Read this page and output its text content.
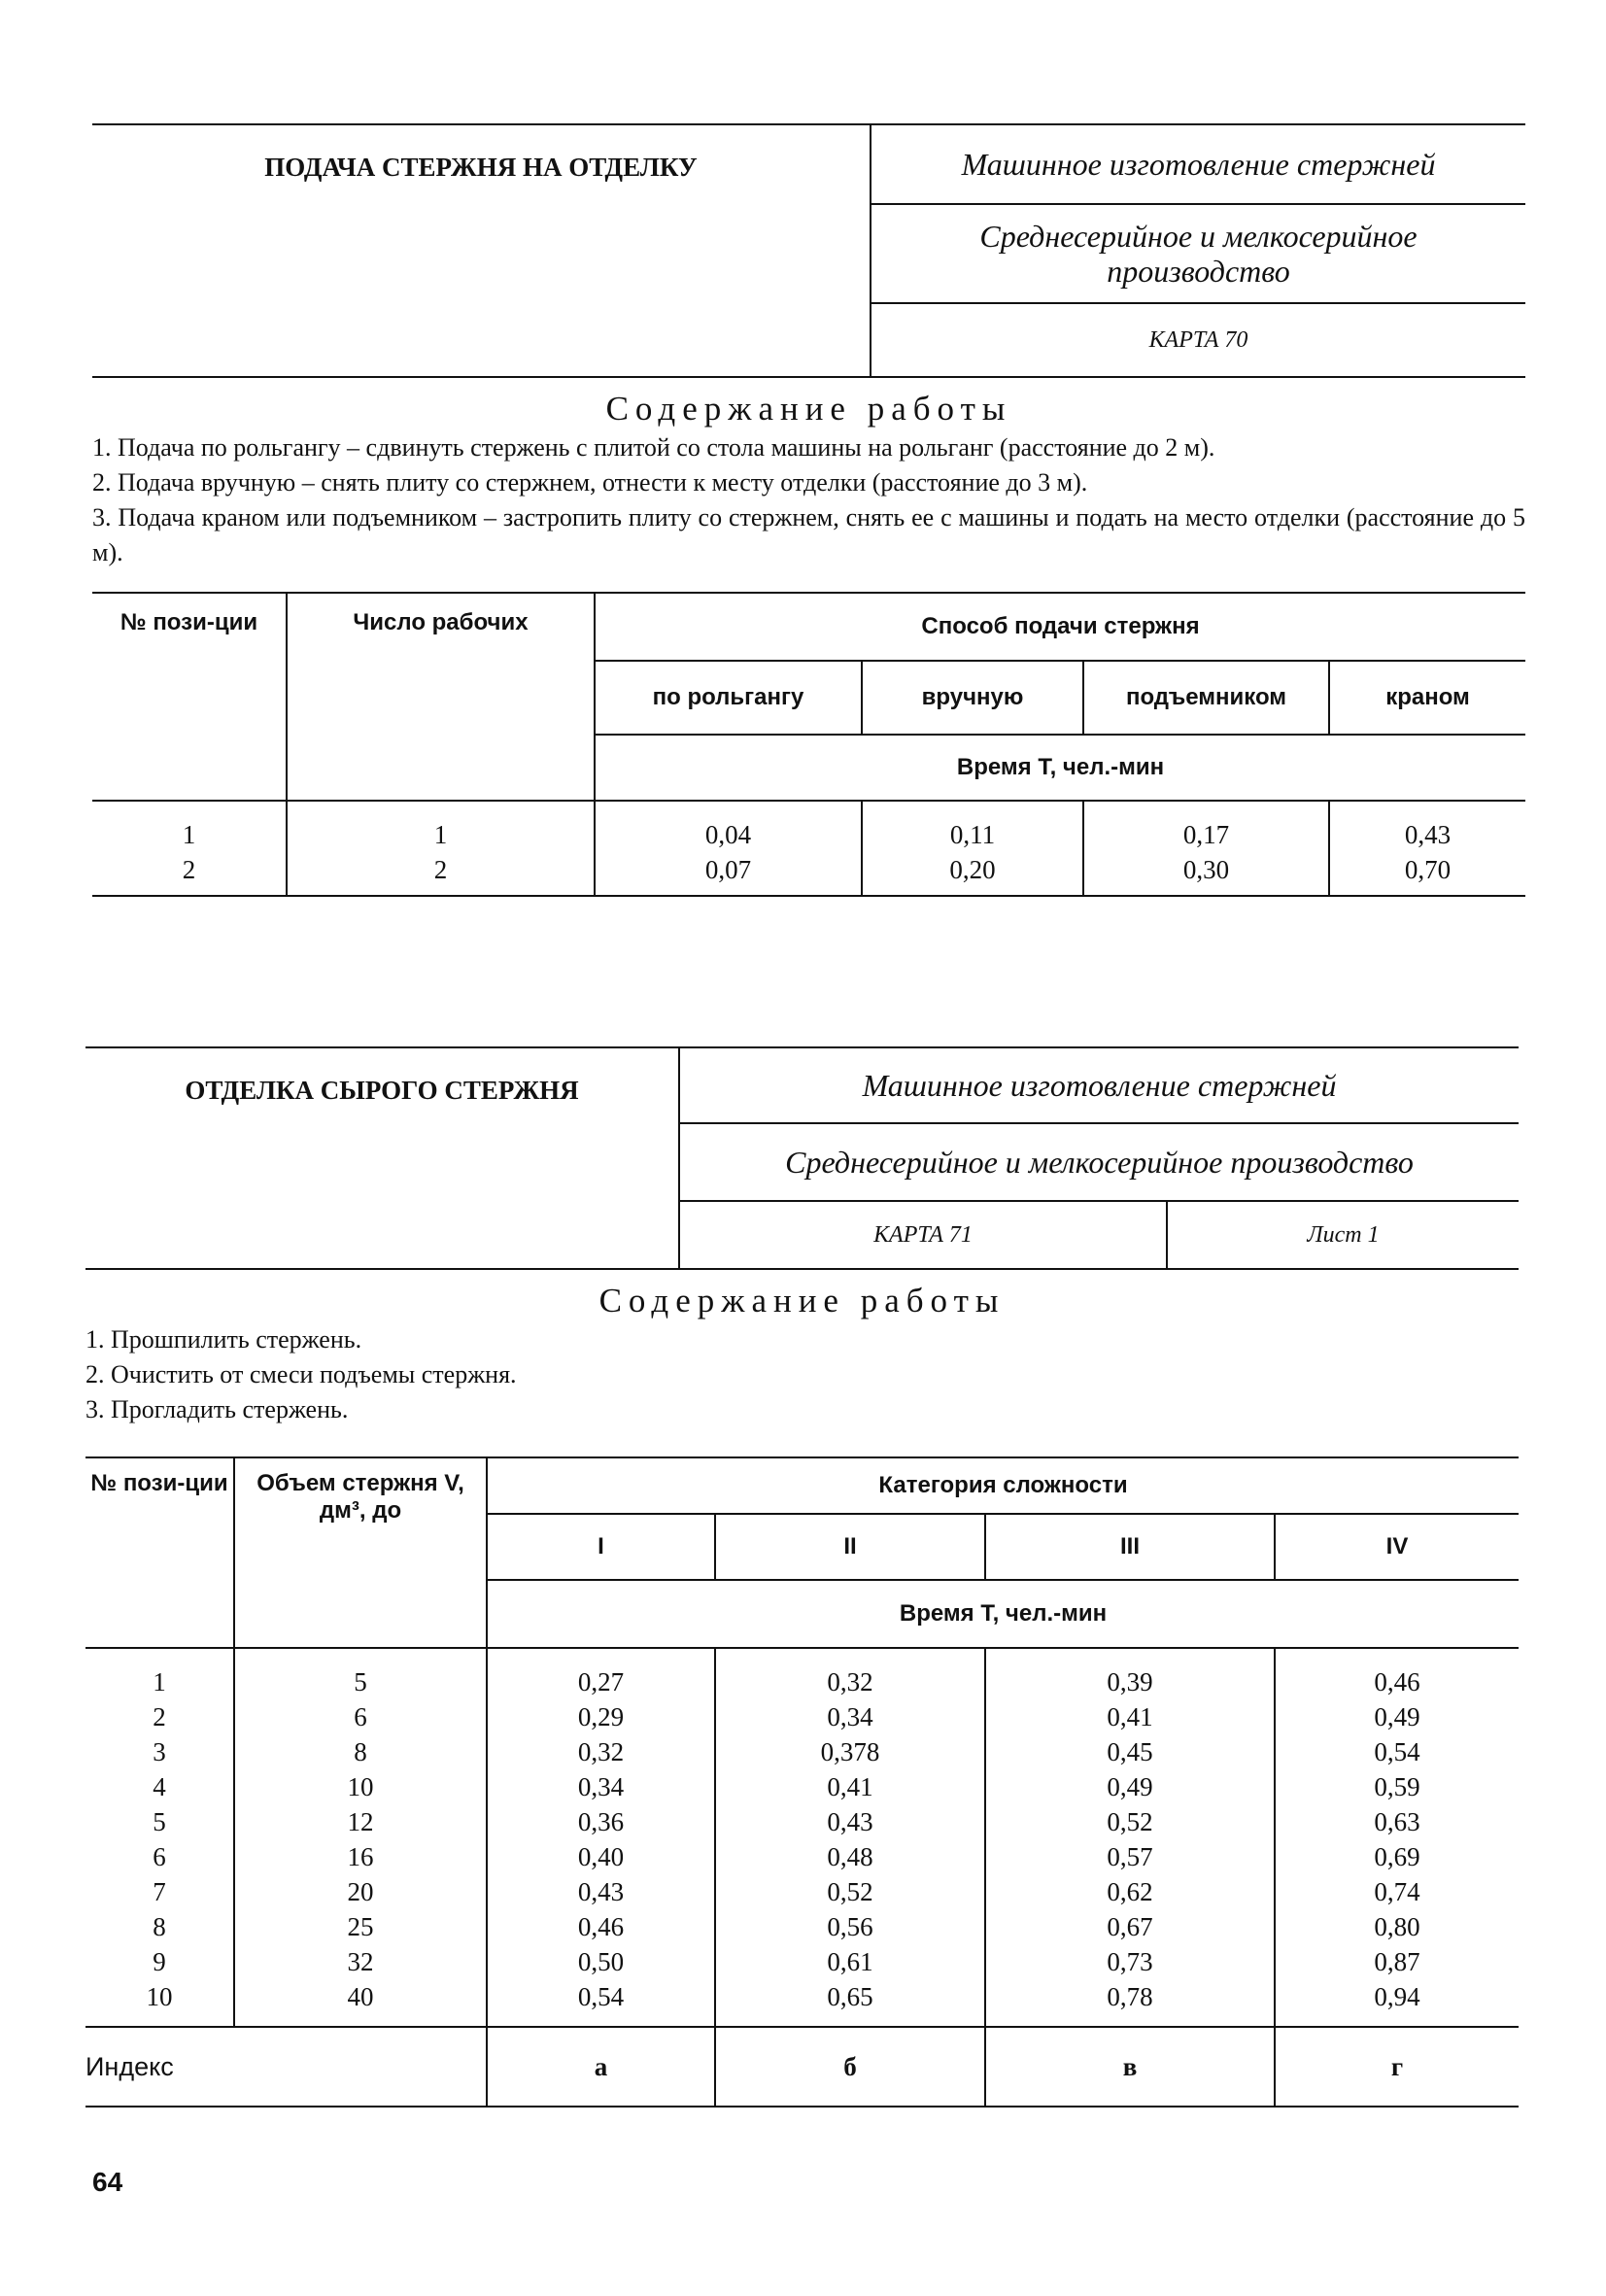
ПОДАЧА СТЕРЖНЯ НА ОТДЕЛКУ	Машинное изготовление стержней
Среднесерийное и мелкосерийное производство
КАРТА 70
Содержание работы
1. Подача по рольгангу – сдвинуть стержень с плитой со стола машины на рольганг (расстояние до 2 м).
2. Подача вручную – снять плиту со стержнем, отнести к месту отделки (расстояние до 3 м).
3. Подача краном или подъемником – застропить плиту со стержнем, снять ее с машины и подать на место отделки (расстояние до 5 м).
№ пози-ции	Число рабочих	Способ подачи стержня			
		по рольгангу	вручную	подъемником	краном
		Время Т, чел.-мин			
1	1	0,04	0,11	0,17	0,43
2	2	0,07	0,20	0,30	0,70
ОТДЕЛКА СЫРОГО СТЕРЖНЯ	Машинное изготовление стержней
Среднесерийное и мелкосерийное производство
КАРТА 71	Лист 1
Содержание работы
1. Прошпилить стержень.
2. Очистить от смеси подъемы стержня.
3. Прогладить стержень.
№ пози-ции	Объем стержня V, дм³, до	Категория сложности			
		I	II	III	IV
		Время Т, чел.-мин			
1	5	0,27	0,32	0,39	0,46
2	6	0,29	0,34	0,41	0,49
3	8	0,32	0,378	0,45	0,54
4	10	0,34	0,41	0,49	0,59
5	12	0,36	0,43	0,52	0,63
6	16	0,40	0,48	0,57	0,69
7	20	0,43	0,52	0,62	0,74
8	25	0,46	0,56	0,67	0,80
9	32	0,50	0,61	0,73	0,87
10	40	0,54	0,65	0,78	0,94
Индекс		а	б	в	г
64
